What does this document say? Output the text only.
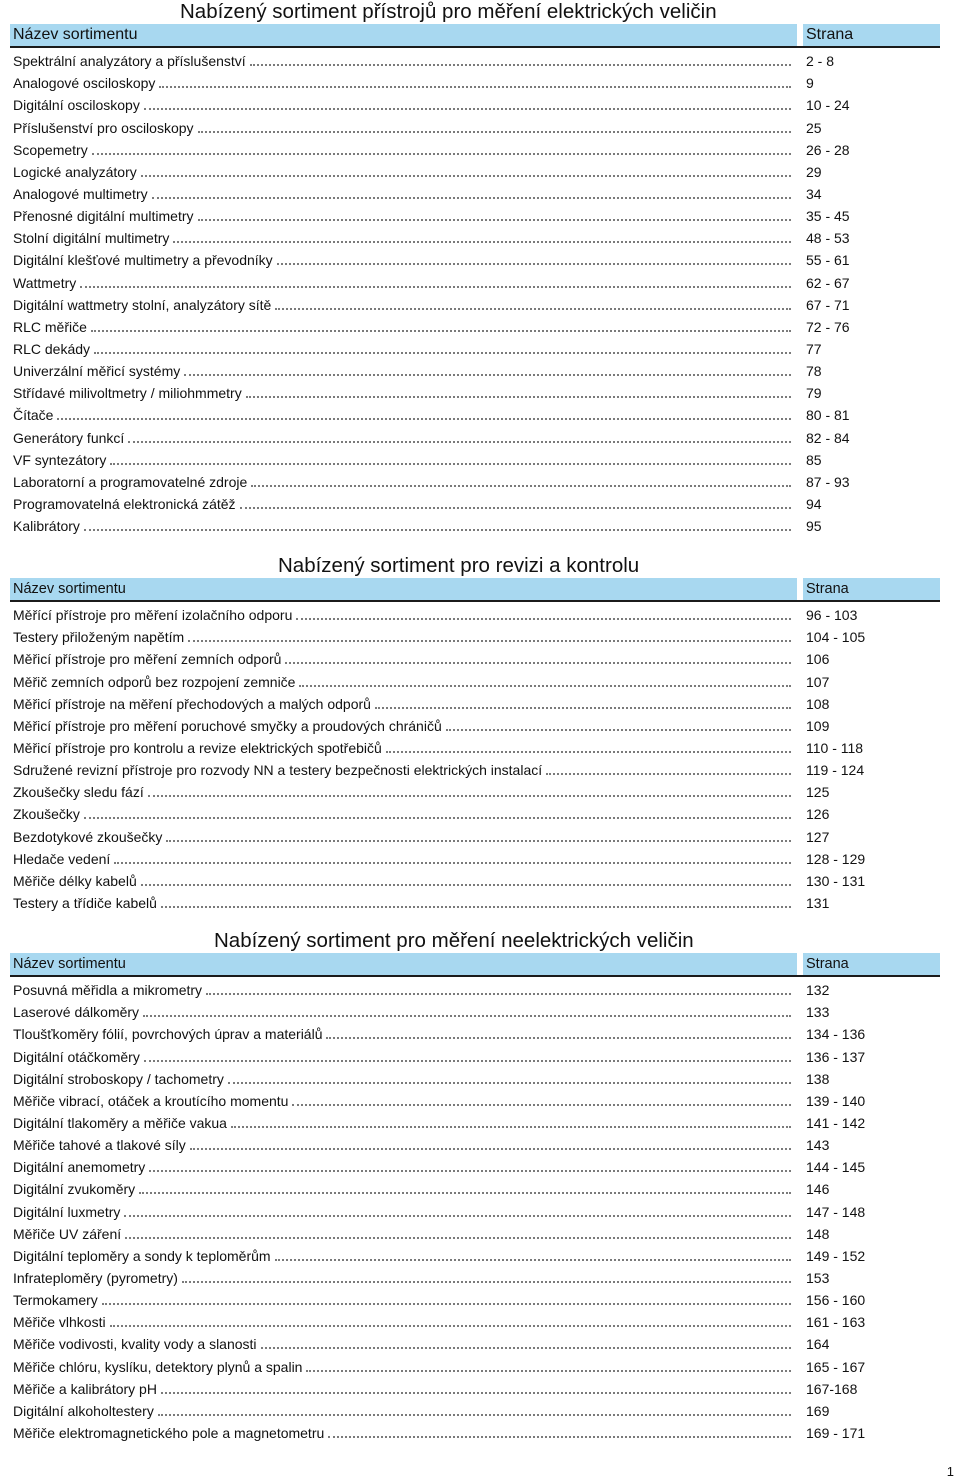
Nabízený sortiment přístrojů pro měření elektrických veličin
Název sortimentu	Strana
Spektrální analyzátory a příslušenství	2 - 8
Analogové osciloskopy	9
Digitální osciloskopy	10 - 24
Příslušenství pro osciloskopy	25
Scopemetry	26 - 28
Logické analyzátory	29
Analogové multimetry	34
Přenosné digitální multimetry	35 - 45
Stolní digitální multimetry	48 - 53
Digitální klešťové multimetry a převodníky	55 - 61
Wattmetry	62 - 67
Digitální wattmetry stolní, analyzátory sítě	67 - 71
RLC měřiče	72 - 76
RLC dekády	77
Univerzální měřicí systémy	78
Střídavé milivoltmetry / miliohmmetry	79
Čítače	80 - 81
Generátory funkcí	82 - 84
VF syntezátory	85
Laboratorní a programovatelné zdroje	87 - 93
Programovatelná elektronická zátěž	94
Kalibrátory	95
Nabízený sortiment pro revizi a kontrolu
Název sortimentu	Strana
Měřící přístroje pro měření izolačního odporu	96 - 103
Testery přiloženým napětím	104 - 105
Měřicí přístroje pro měření zemních odporů	106
Měřič zemních odporů bez rozpojení zemniče	107
Měřicí přístroje na měření přechodových a malých odporů	108
Měřicí přístroje pro měření poruchové smyčky a proudových chráničů	109
Měřicí přístroje pro kontrolu a revize elektrických spotřebičů	110 - 118
Sdružené revizní přístroje pro rozvody NN a testery bezpečnosti elektrických instalací	119 - 124
Zkoušečky sledu fází	125
Zkoušečky	126
Bezdotykové zkoušečky	127
Hledače vedení	128 - 129
Měřiče délky kabelů	130 - 131
Testery a třídiče kabelů	131
Nabízený sortiment pro měření neelektrických veličin
Název sortimentu	Strana
Posuvná měřidla a mikrometry	132
Laserové dálkoměry	133
Tloušťkoměry fólií, povrchových úprav a materiálů	134 - 136
Digitální otáčkoměry	136 - 137
Digitální stroboskopy / tachometry	138
Měřiče vibrací, otáček a kroutícího momentu	139 - 140
Digitální tlakoměry a měřiče vakua	141 - 142
Měřiče tahové a tlakové síly	143
Digitální anemometry	144 - 145
Digitální zvukoměry	146
Digitální luxmetry	147 - 148
Měřiče UV záření	148
Digitální teploměry a sondy k teploměrům	149 - 152
Infrateploměry (pyrometry)	153
Termokamery	156 - 160
Měřiče vlhkosti	161 - 163
Měřiče vodivosti, kvality vody a slanosti	164
Měřiče chlóru, kyslíku, detektory plynů a spalin	165 - 167
Měřiče a kalibrátory pH	167-168
Digitální alkoholtestery	169
Měřiče elektromagnetického pole a magnetometru	169 - 171
1
